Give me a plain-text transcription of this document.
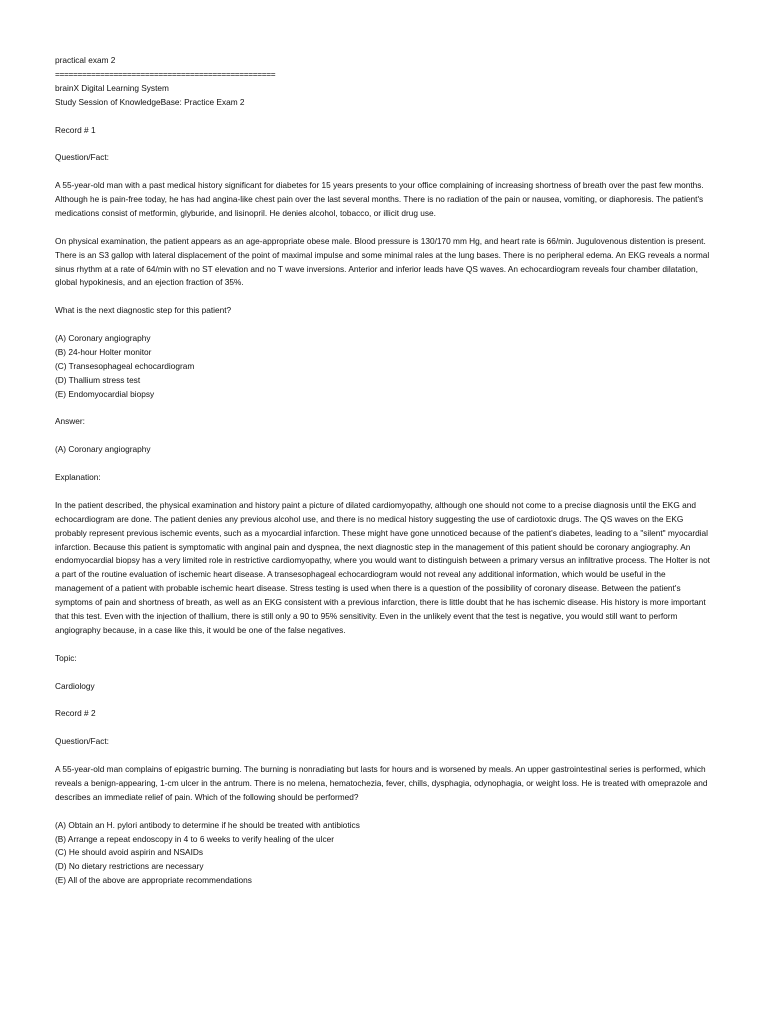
practical exam 2

=================================================

brainX Digital Learning System

Study Session of KnowledgeBase: Practice Exam 2

Record # 1

Question/Fact:

A 55-year-old man with a past medical history significant for diabetes for 15 years presents to your office complaining of increasing shortness of breath over the past few months. Although he is pain-free today, he has had angina-like chest pain over the last several months. There is no radiation of the pain or nausea, vomiting, or diaphoresis. The patient's medications consist of metformin, glyburide, and lisinopril. He denies alcohol, tobacco, or illicit drug use.

On physical examination, the patient appears as an age-appropriate obese male. Blood pressure is 130/170 mm Hg, and heart rate is 66/min. Jugulovenous distention is present. There is an S3 gallop with lateral displacement of the point of maximal impulse and some minimal rales at the lung bases. There is no peripheral edema. An EKG reveals a normal sinus rhythm at a rate of 64/min with no ST elevation and no T wave inversions. Anterior and inferior leads have QS waves. An echocardiogram reveals four chamber dilatation, global hypokinesis, and an ejection fraction of 35%.

What is the next diagnostic step for this patient?

(A) Coronary angiography
(B) 24-hour Holter monitor
(C) Transesophageal echocardiogram
(D) Thallium stress test
(E) Endomyocardial biopsy

Answer:

(A) Coronary angiography

Explanation:

In the patient described, the physical examination and history paint a picture of dilated cardiomyopathy, although one should not come to a precise diagnosis until the EKG and echocardiogram are done. The patient denies any previous alcohol use, and there is no medical history suggesting the use of cardiotoxic drugs. The QS waves on the EKG probably represent previous ischemic events, such as a myocardial infarction. These might have gone unnoticed because of the patient's diabetes, leading to a "silent" myocardial infarction. Because this patient is symptomatic with anginal pain and dyspnea, the next diagnostic step in the management of this patient should be coronary angiography. An endomyocardial biopsy has a very limited role in restrictive cardiomyopathy, where you would want to distinguish between a primary versus an infiltrative process. The Holter is not a part of the routine evaluation of ischemic heart disease. A transesophageal echocardiogram would not reveal any additional information, which would be useful in the management of a patient with probable ischemic heart disease. Stress testing is used when there is a question of the possibility of coronary disease. Between the patient's symptoms of pain and shortness of breath, as well as an EKG consistent with a previous infarction, there is little doubt that he has ischemic disease. His history is more important that this test. Even with the injection of thallium, there is still only a 90 to 95% sensitivity. Even in the unlikely event that the test is negative, you would still want to perform angiography because, in a case like this, it would be one of the false negatives.

Topic:

Cardiology

Record # 2

Question/Fact:

A 55-year-old man complains of epigastric burning. The burning is nonradiating but lasts for hours and is worsened by meals. An upper gastrointestinal series is performed, which reveals a benign-appearing, 1-cm ulcer in the antrum. There is no melena, hematochezia, fever, chills, dysphagia, odynophagia, or weight loss. He is treated with omeprazole and describes an immediate relief of pain. Which of the following should be performed?

(A) Obtain an H. pylori antibody to determine if he should be treated with antibiotics
(B) Arrange a repeat endoscopy in 4 to 6 weeks to verify healing of the ulcer
(C) He should avoid aspirin and NSAIDs
(D) No dietary restrictions are necessary
(E) All of the above are appropriate recommendations
